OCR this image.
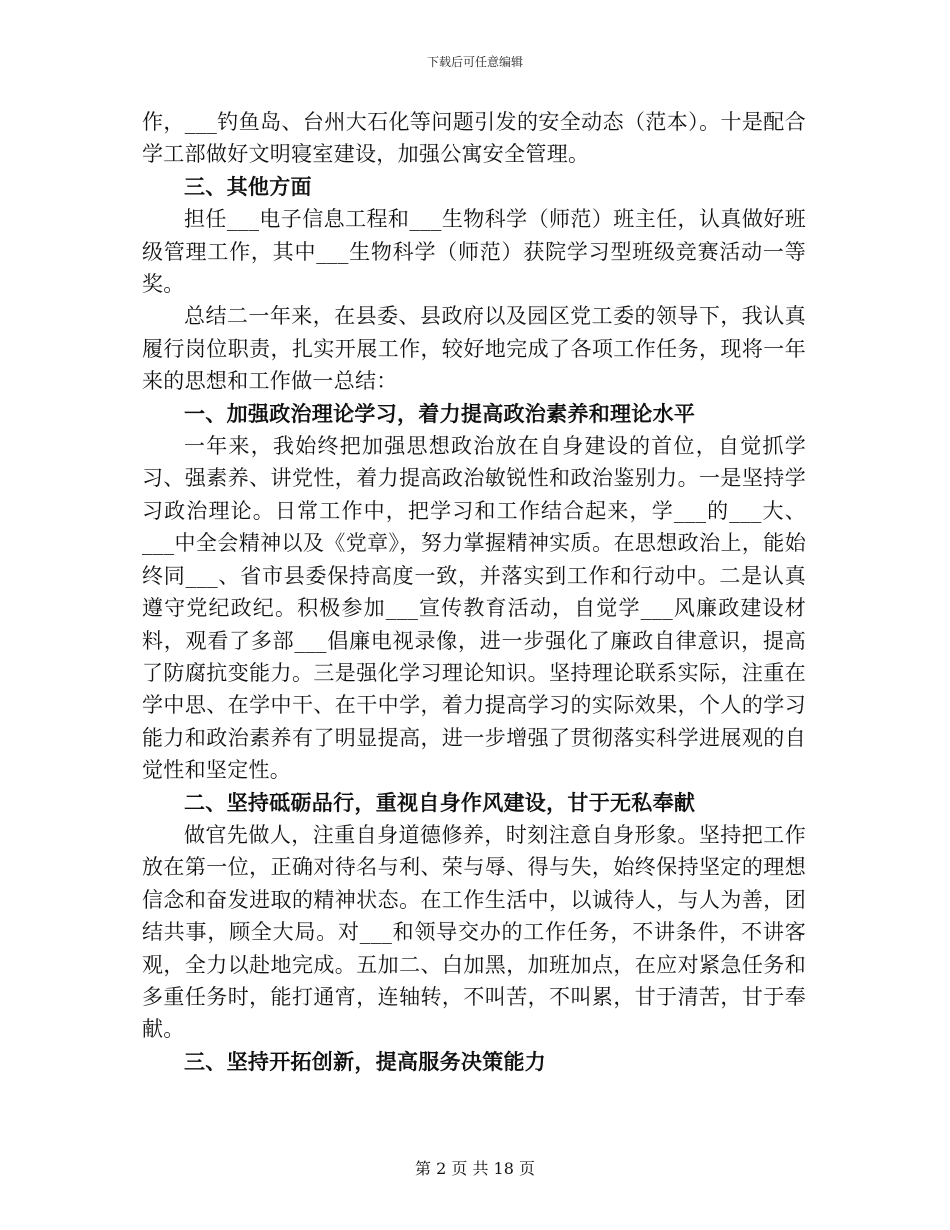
下载后可任意编辑

作，___钓鱼岛、台州大石化等问题引发的安全动态（范本）。十是配合学工部做好文明寝室建设，加强公寓安全管理。

三、其他方面

担任___电子信息工程和___生物科学（师范）班主任，认真做好班级管理工作，其中___生物科学（师范）获院学习型班级竞赛活动一等奖。

总结二一年来，在县委、县政府以及园区党工委的领导下，我认真履行岗位职责，扎实开展工作，较好地完成了各项工作任务，现将一年来的思想和工作做一总结：

一、加强政治理论学习，着力提高政治素养和理论水平

一年来，我始终把加强思想政治放在自身建设的首位，自觉抓学习、强素养、讲党性，着力提高政治敏锐性和政治鉴别力。一是坚持学习政治理论。日常工作中，把学习和工作结合起来，学___的___大、___中全会精神以及《党章》，努力掌握精神实质。在思想政治上，能始终同___、省市县委保持高度一致，并落实到工作和行动中。二是认真遵守党纪政纪。积极参加___宣传教育活动，自觉学___风廉政建设材料，观看了多部___倡廉电视录像，进一步强化了廉政自律意识，提高了防腐抗变能力。三是强化学习理论知识。坚持理论联系实际，注重在学中思、在学中干、在干中学，着力提高学习的实际效果，个人的学习能力和政治素养有了明显提高，进一步增强了贯彻落实科学进展观的自觉性和坚定性。

二、坚持砥砺品行，重视自身作风建设，甘于无私奉献

做官先做人，注重自身道德修养，时刻注意自身形象。坚持把工作放在第一位，正确对待名与利、荣与辱、得与失，始终保持坚定的理想信念和奋发进取的精神状态。在工作生活中，以诚待人，与人为善，团结共事，顾全大局。对___和领导交办的工作任务，不讲条件，不讲客观，全力以赴地完成。五加二、白加黑，加班加点，在应对紧急任务和多重任务时，能打通宵，连轴转，不叫苦，不叫累，甘于清苦，甘于奉献。

三、坚持开拓创新，提高服务决策能力

第 2 页 共 18 页
